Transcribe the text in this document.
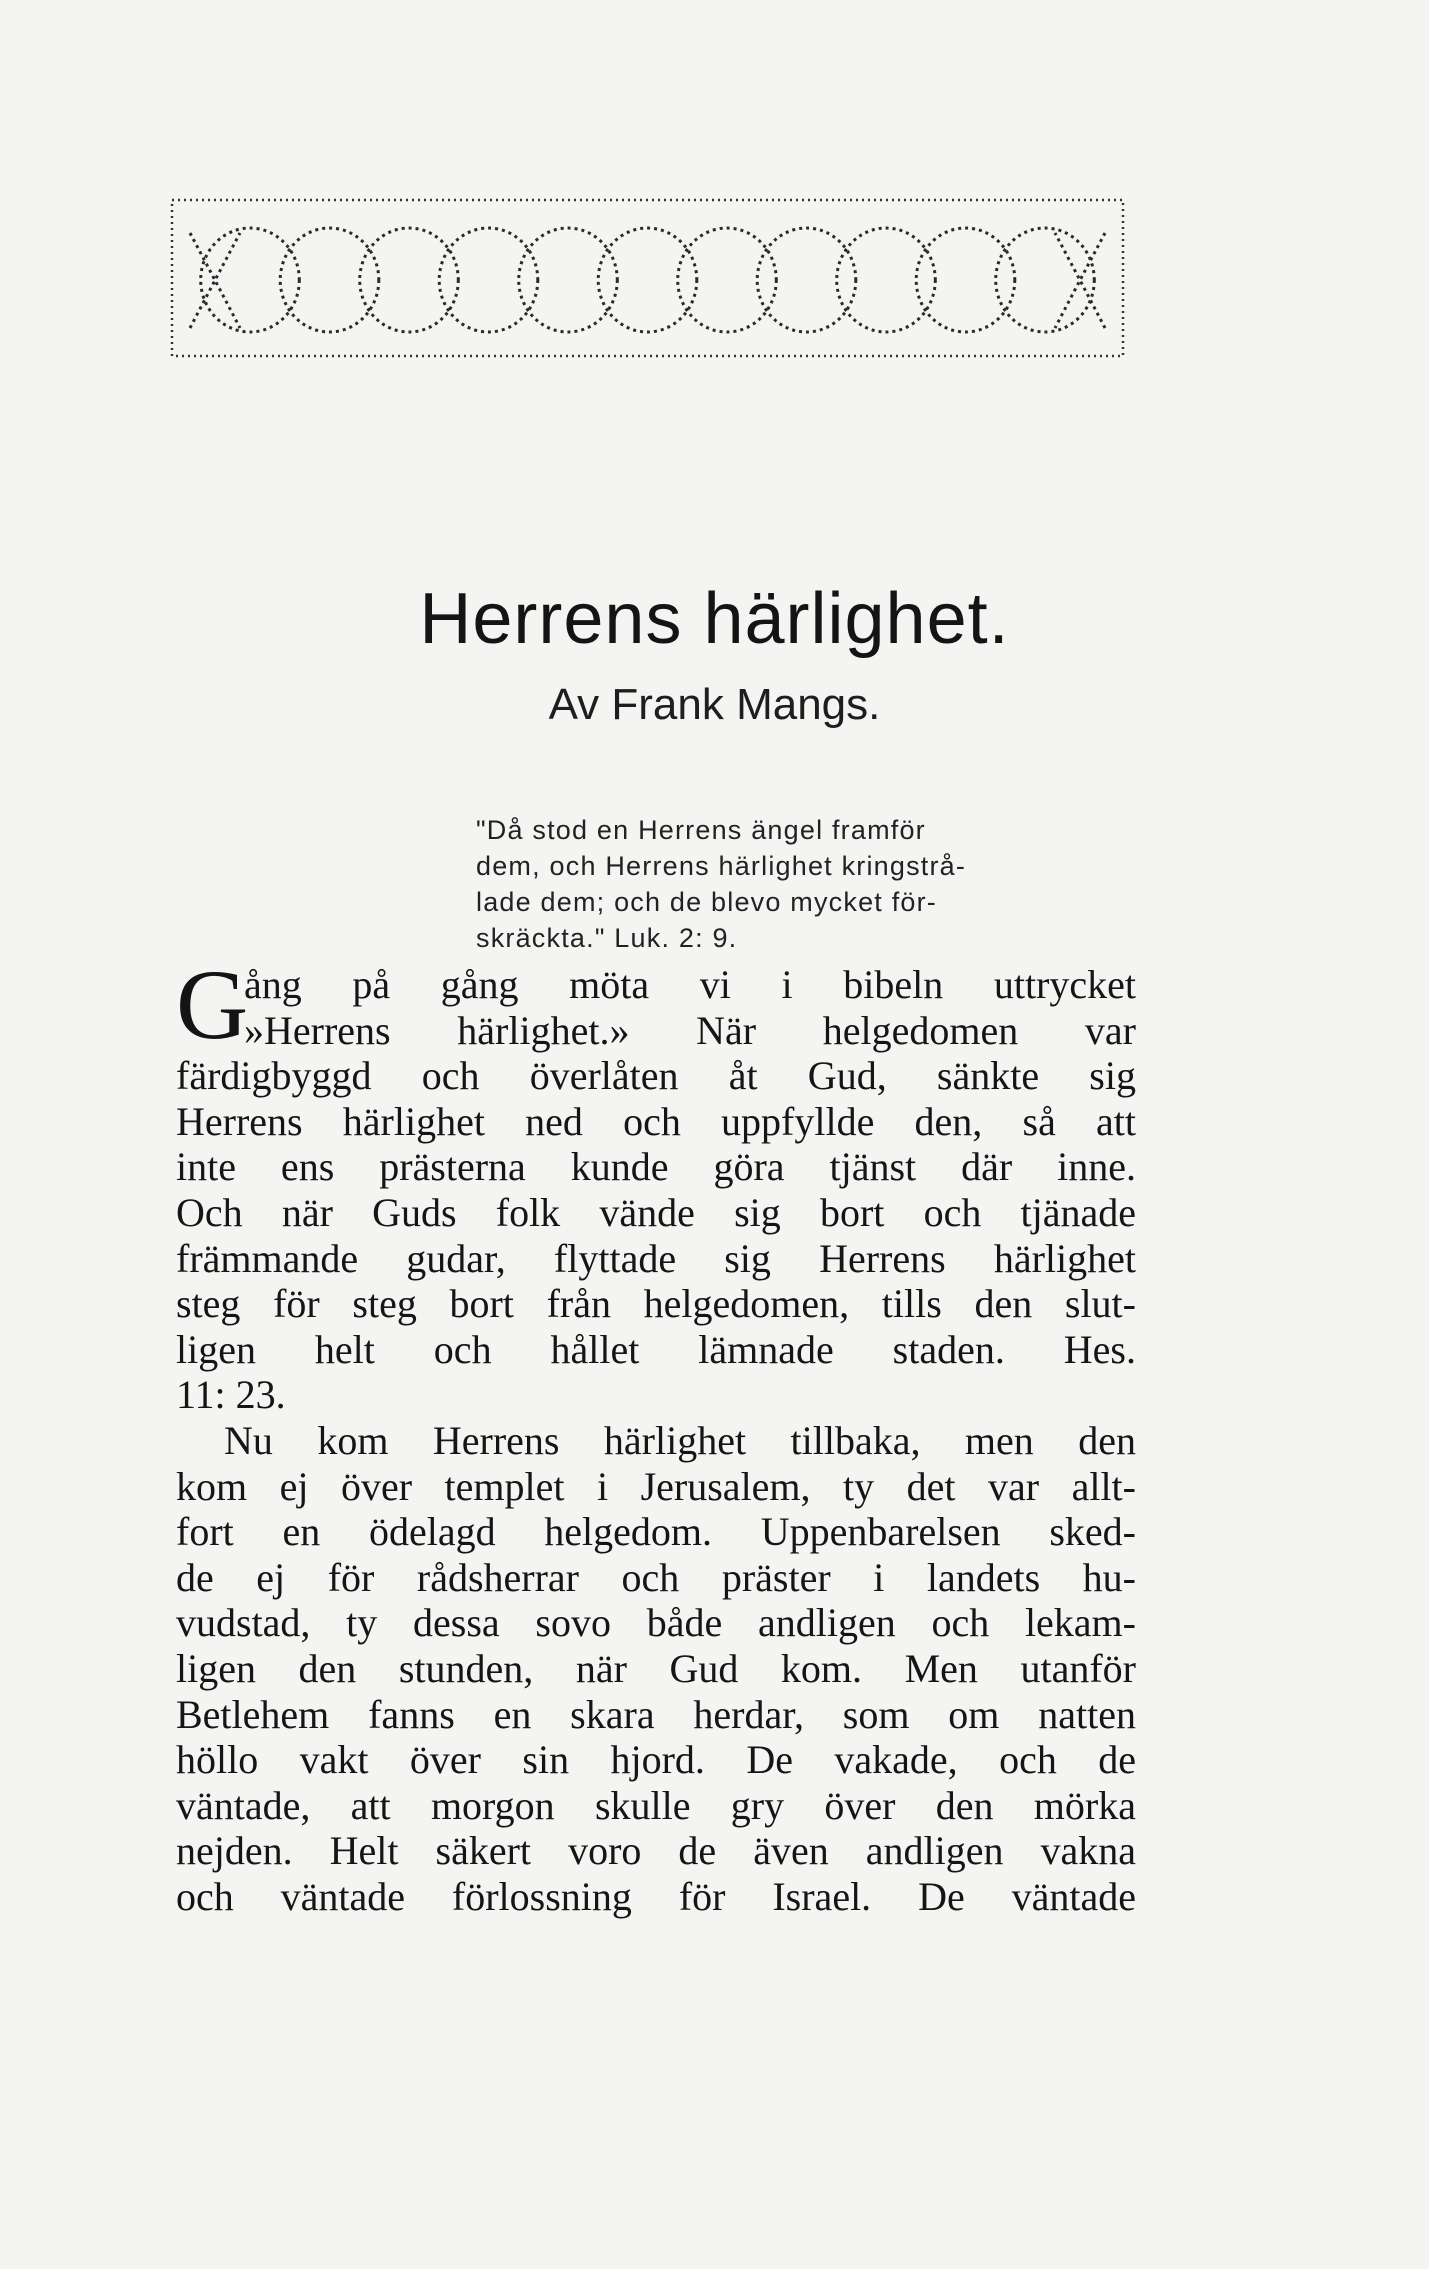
Herrens härlighet.
Av Frank Mangs.
"Då stod en Herrens ängel framför
dem, och Herrens härlighet kringstrå-
lade dem; och de blevo mycket för-
skräckta." Luk. 2: 9.
G
ång på gång möta vi i bibeln uttrycket
»Herrens härlighet.» När helgedomen var
färdigbyggd och överlåten åt Gud, sänkte sig
Herrens härlighet ned och uppfyllde den, så att
inte ens prästerna kunde göra tjänst där inne.
Och när Guds folk vände sig bort och tjänade
främmande gudar, flyttade sig Herrens härlighet
steg för steg bort från helgedomen, tills den slut-
ligen helt och hållet lämnade staden. Hes.
11: 23.
Nu kom Herrens härlighet tillbaka, men den
kom ej över templet i Jerusalem, ty det var allt-
fort en ödelagd helgedom. Uppenbarelsen sked-
de ej för rådsherrar och präster i landets hu-
vudstad, ty dessa sovo både andligen och lekam-
ligen den stunden, när Gud kom. Men utanför
Betlehem fanns en skara herdar, som om natten
höllo vakt över sin hjord. De vakade, och de
väntade, att morgon skulle gry över den mörka
nejden. Helt säkert voro de även andligen vakna
och väntade förlossning för Israel. De väntade
